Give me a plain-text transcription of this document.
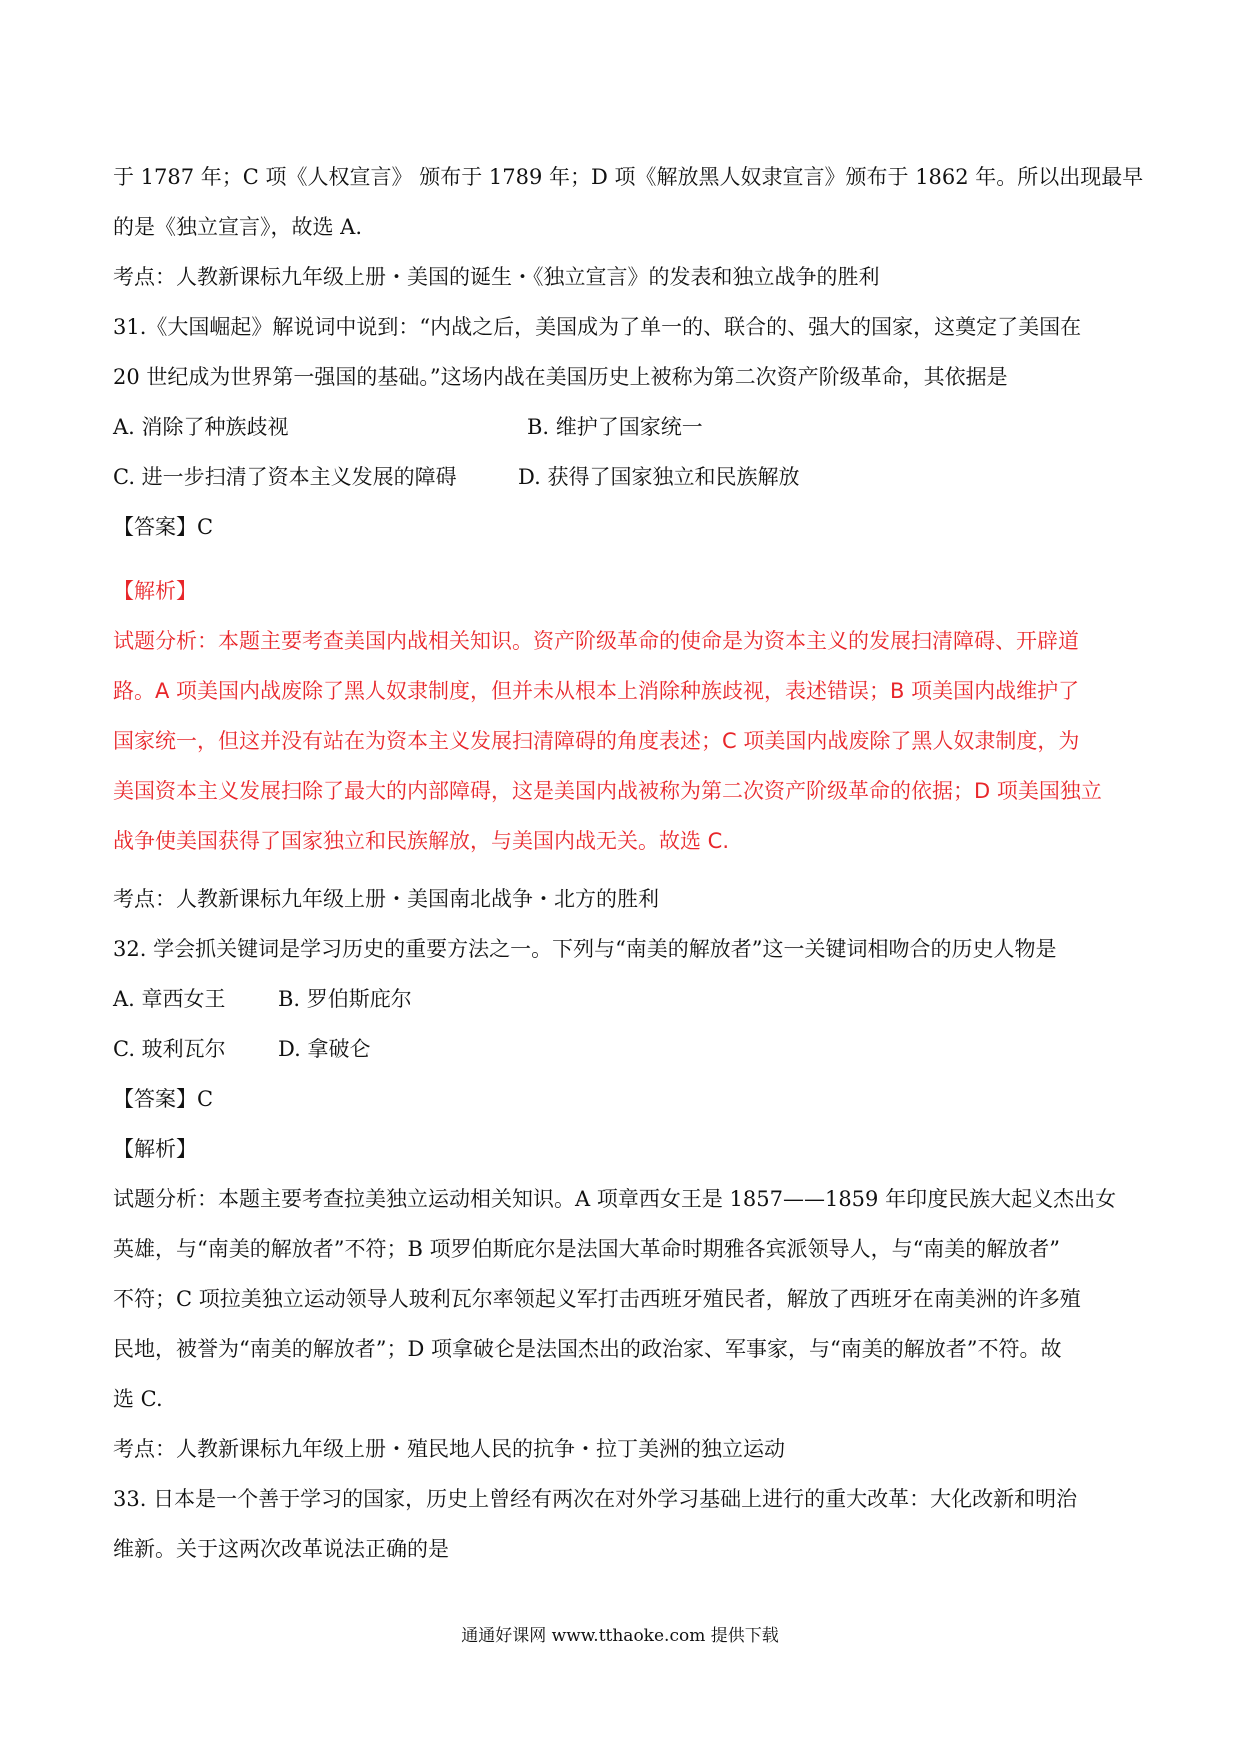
于 1787 年；C 项《人权宣言》 颁布于 1789 年；D 项《解放黑人奴隶宣言》颁布于 1862 年。所以出现最早

的是《独立宣言》，故选 A.

考点：人教新课标九年级上册・美国的诞生・《独立宣言》的发表和独立战争的胜利

31.《大国崛起》解说词中说到：“内战之后，美国成为了单一的、联合的、强大的国家，这奠定了美国在

20 世纪成为世界第一强国的基础。”这场内战在美国历史上被称为第二次资产阶级革命，其依据是

A. 消除了种族歧视	B. 维护了国家统一
C. 进一步扫清了资本主义发展的障碍	D. 获得了国家独立和民族解放

【答案】C

【解析】

试题分析：本题主要考查美国内战相关知识。资产阶级革命的使命是为资本主义的发展扫清障碍、开辟道

路。A 项美国内战废除了黑人奴隶制度，但并未从根本上消除种族歧视，表述错误；B 项美国内战维护了

国家统一，但这并没有站在为资本主义发展扫清障碍的角度表述；C 项美国内战废除了黑人奴隶制度，为

美国资本主义发展扫除了最大的内部障碍，这是美国内战被称为第二次资产阶级革命的依据；D 项美国独立

战争使美国获得了国家独立和民族解放，与美国内战无关。故选 C.

考点：人教新课标九年级上册・美国南北战争・北方的胜利

32. 学会抓关键词是学习历史的重要方法之一。下列与“南美的解放者”这一关键词相吻合的历史人物是

A. 章西女王	B. 罗伯斯庇尔
C. 玻利瓦尔	D. 拿破仑

【答案】C

【解析】

试题分析：本题主要考查拉美独立运动相关知识。A 项章西女王是 1857——1859 年印度民族大起义杰出女

英雄，与“南美的解放者”不符；B 项罗伯斯庇尔是法国大革命时期雅各宾派领导人，与“南美的解放者”

不符；C 项拉美独立运动领导人玻利瓦尔率领起义军打击西班牙殖民者，解放了西班牙在南美洲的许多殖

民地，被誉为“南美的解放者”；D 项拿破仑是法国杰出的政治家、军事家，与“南美的解放者”不符。故

选 C.

考点：人教新课标九年级上册・殖民地人民的抗争・拉丁美洲的独立运动

33. 日本是一个善于学习的国家，历史上曾经有两次在对外学习基础上进行的重大改革：大化改新和明治

维新。关于这两次改革说法正确的是

通通好课网 www.tthaoke.com 提供下载
